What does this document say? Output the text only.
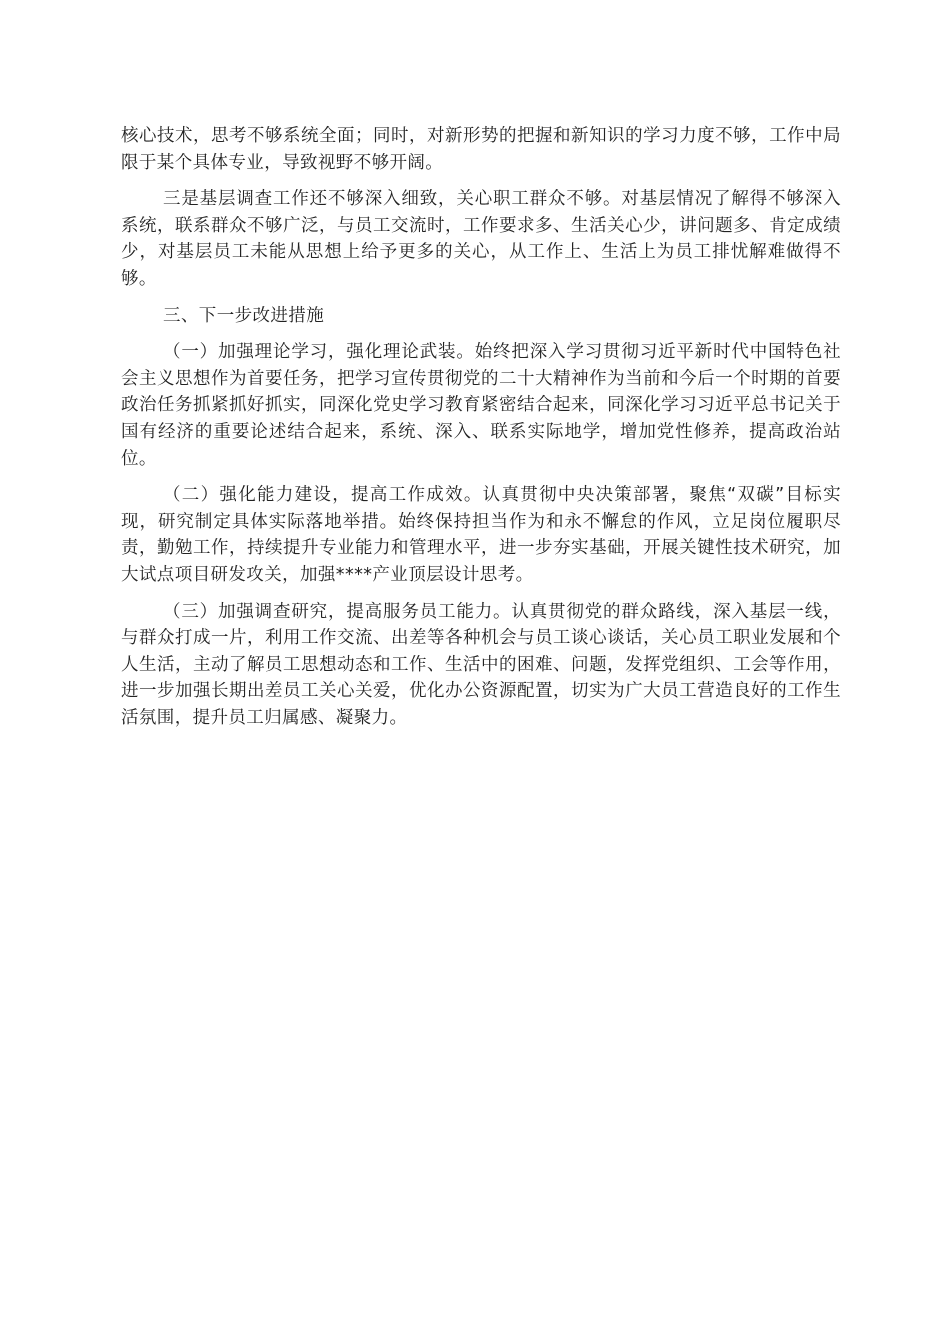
核心技术，思考不够系统全面；同时，对新形势的把握和新知识的学习力度不够，工作中局限于某个具体专业，导致视野不够开阔。

三是基层调查工作还不够深入细致，关心职工群众不够。对基层情况了解得不够深入系统，联系群众不够广泛，与员工交流时，工作要求多、生活关心少，讲问题多、肯定成绩少，对基层员工未能从思想上给予更多的关心，从工作上、生活上为员工排忧解难做得不够。

三、下一步改进措施

（一）加强理论学习，强化理论武装。始终把深入学习贯彻习近平新时代中国特色社会主义思想作为首要任务，把学习宣传贯彻党的二十大精神作为当前和今后一个时期的首要政治任务抓紧抓好抓实，同深化党史学习教育紧密结合起来，同深化学习习近平总书记关于国有经济的重要论述结合起来，系统、深入、联系实际地学，增加党性修养，提高政治站位。

（二）强化能力建设，提高工作成效。认真贯彻中央决策部署，聚焦“双碳”目标实现，研究制定具体实际落地举措。始终保持担当作为和永不懈怠的作风，立足岗位履职尽责，勤勉工作，持续提升专业能力和管理水平，进一步夯实基础，开展关键性技术研究，加大试点项目研发攻关，加强****产业顶层设计思考。

（三）加强调查研究，提高服务员工能力。认真贯彻党的群众路线，深入基层一线，与群众打成一片，利用工作交流、出差等各种机会与员工谈心谈话，关心员工职业发展和个人生活，主动了解员工思想动态和工作、生活中的困难、问题，发挥党组织、工会等作用，进一步加强长期出差员工关心关爱，优化办公资源配置，切实为广大员工营造良好的工作生活氛围，提升员工归属感、凝聚力。
